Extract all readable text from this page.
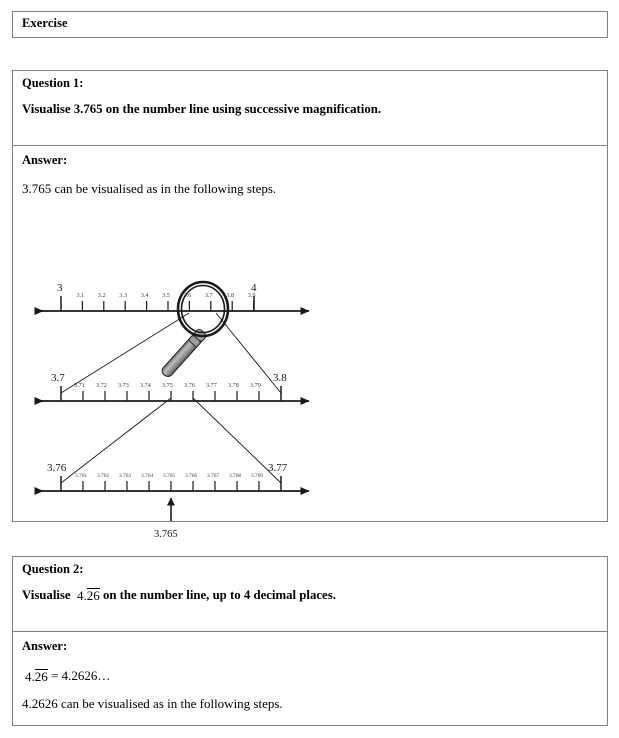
Exercise
Question 1:
Visualise 3.765 on the number line using successive magnification.
Answer:
3.765 can be visualised as in the following steps.
3	4
3.1 3.2 3.3 3.4 3.5 3.6 3.7 3.8 3.9
3.7	3.8
3.71 3.72 3.73 3.74 3.75 3.76 3.77 3.78 3.79
3.76	3.77
3.761 3.762 3.763 3.764 3.765 3.766 3.767 3.768 3.769
3.765
Question 2:
Visualise 4.26 on the number line, up to 4 decimal places.
Answer:
4.26 = 4.2626…
4.2626 can be visualised as in the following steps.
